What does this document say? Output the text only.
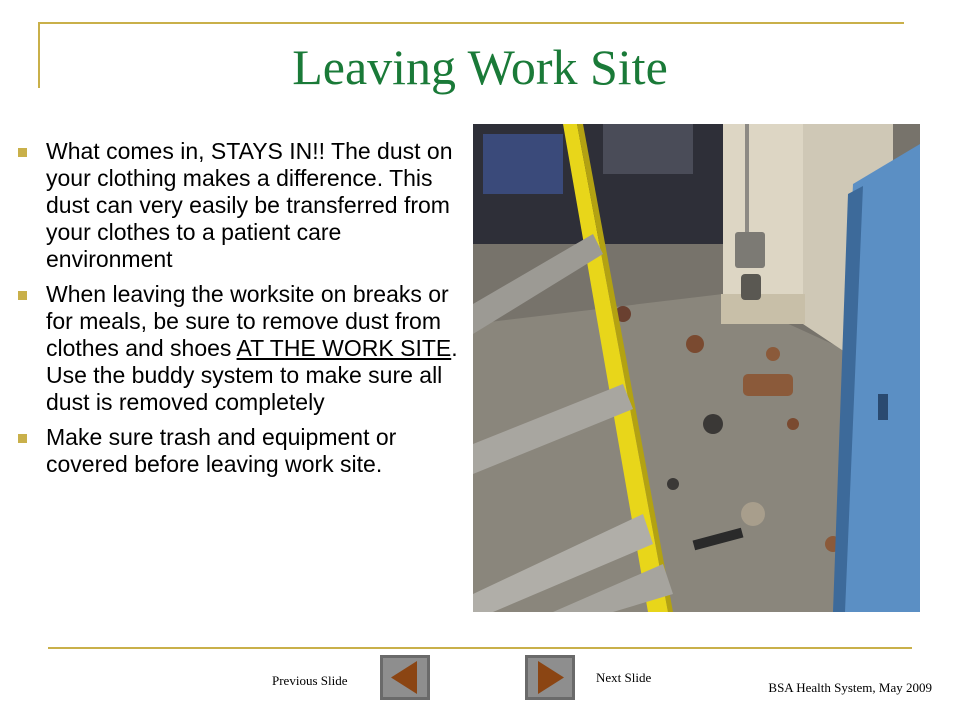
Leaving Work Site
What comes in, STAYS IN!! The dust on your clothing makes a difference. This dust can very easily be transferred from your clothes to a patient care environment
When leaving the worksite on breaks or for meals, be sure to remove dust from clothes and shoes AT THE WORK SITE. Use the buddy system to make sure all dust is removed completely
Make sure trash and equipment or covered before leaving work site.
Previous Slide	Next Slide
BSA Health System, May 2009
